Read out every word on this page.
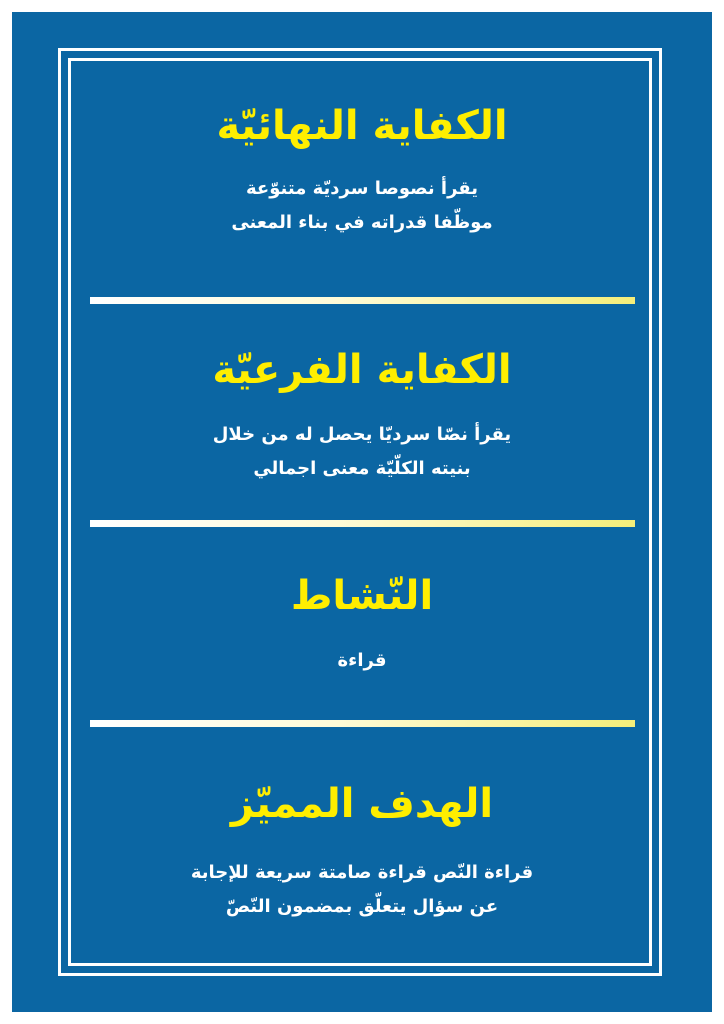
الكفاية النهائيّة
يقرأ نصوصا سرديّة متنوّعة
موظّفا قدراته في بناء المعنى
الكفاية الفرعيّة
يقرأ نصّا سرديّا يحصل له من خلال
بنيته الكلّيّة معنى اجمالي
النّشاط
قراءة
الهدف المميّز
قراءة النّص قراءة صامتة سريعة للإجابة
عن سؤال يتعلّق بمضمون النّصّ
